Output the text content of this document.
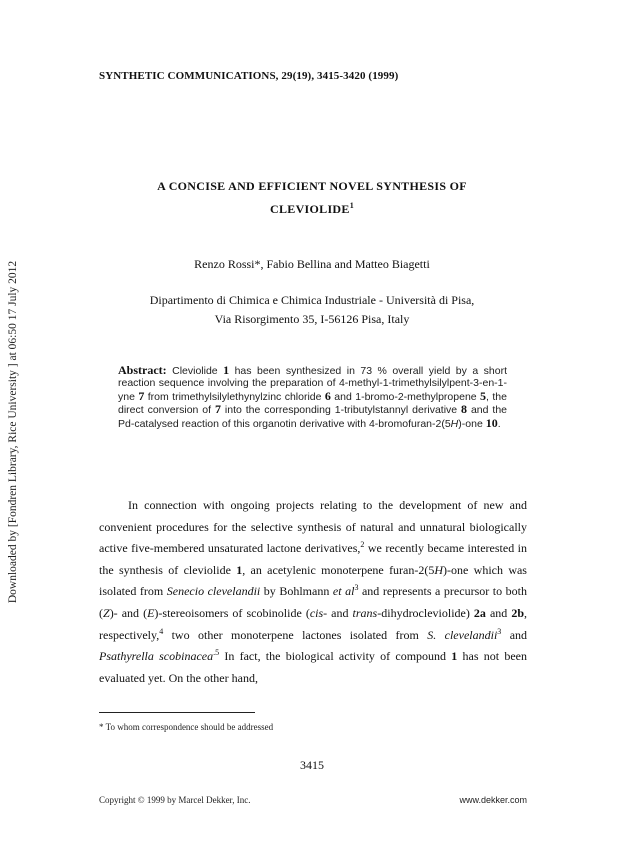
Downloaded by [Fondren Library, Rice University ] at 06:50 17 July 2012
SYNTHETIC COMMUNICATIONS, 29(19), 3415-3420 (1999)
A CONCISE AND EFFICIENT NOVEL SYNTHESIS OF
CLEVIOLIDE$^1$
Renzo Rossi*, Fabio Bellina and Matteo Biagetti
Dipartimento di Chimica e Chimica Industriale - Università di Pisa,
Via Risorgimento 35, I-56126 Pisa, Italy
Abstract: Cleviolide 1 has been synthesized in 73 % overall yield by a short reaction sequence involving the preparation of 4-methyl-1-trimethylsilylpent-3-en-1-yne 7 from trimethylsilylethynylzinc chloride 6 and 1-bromo-2-methylpropene 5, the direct conversion of 7 into the corresponding 1-tributylstannyl derivative 8 and the Pd-catalysed reaction of this organotin derivative with 4-bromofuran-2(5H)-one 10.

In connection with ongoing projects relating to the development of new and convenient procedures for the selective synthesis of natural and unnatural biologically active five-membered unsaturated lactone derivatives,$^2$ we recently became interested in the synthesis of cleviolide 1, an acetylenic monoterpene furan-2(5H)-one which was isolated from Senecio clevelandii by Bohlmann et $al^3$ and represents a precursor to both (Z)- and (E)-stereoisomers of scobinolide (cis- and trans-dihydrocleviolide) 2a and 2b, respectively,$^4$ two other monoterpene lactones isolated from S. clevelandii$^3$ and Psathyrella scobinacea$^{.5}$ In fact, the biological activity of compound 1 has not been evaluated yet. On the other hand,

* To whom correspondence should be addressed
3415
Copyright © 1999 by Marcel Dekker, Inc.	www.dekker.com
